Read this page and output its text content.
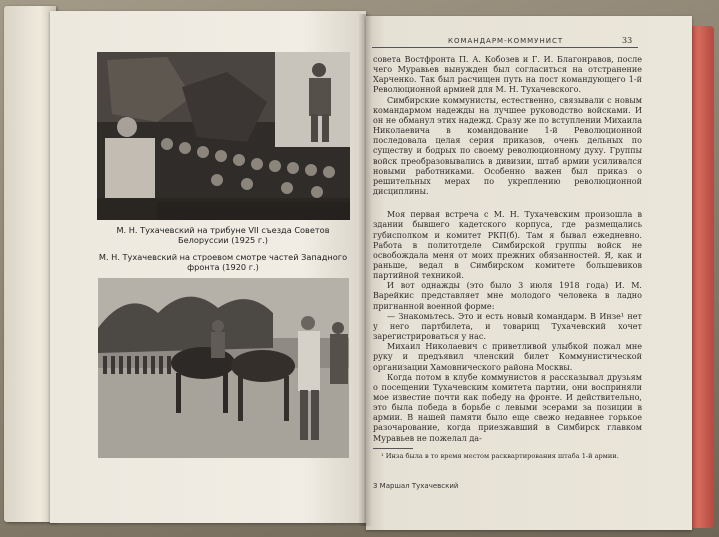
М. Н. Тухачевский на трибуне VII съезда Советов Белоруссии (1925 г.)
М. Н. Тухачевский на строевом смотре частей Западного фронта (1920 г.)
КОМАНДАРМ-КОММУНИСТ	33

совета Востфронта П. А. Кобозев и Г. И. Благонравов, после чего Муравьев вынужден был согласиться на отстранение Харченко. Так был расчищен путь на пост командующего 1-й Революционной армией для М. Н. Тухачевского.

Симбирские коммунисты, естественно, связывали с новым командармом надежды на лучшее руководство войсками. И он не обманул этих надежд. Сразу же по вступлении Михаила Николаевича в командование 1-й Революционной последовала целая серия приказов, очень дельных по существу и бодрых по своему революционному духу. Группы войск преобразовывались в дивизии, штаб армии усиливался новыми работниками. Особенно важен был приказ о решительных мерах по укреплению революционной дисциплины.

Моя первая встреча с М. Н. Тухачевским произошла в здании бывшего кадетского корпуса, где размещались губисполком и комитет РКП(б). Там я бывал ежедневно. Работа в политотделе Симбирской группы войск не освобождала меня от моих прежних обязанностей. Я, как и раньше, ведал в Симбирском комитете большевиков партийной техникой.

И вот однажды (это было 3 июля 1918 года) И. М. Варейкис представляет мне молодого человека в ладно пригнанной военной форме:

— Знакомьтесь. Это и есть новый командарм. В Инзе¹ нет у него партбилета, и товарищ Тухачевский хочет зарегистрироваться у нас.

Михаил Николаевич с приветливой улыбкой пожал мне руку и предъявил членский билет Коммунистической организации Хамовнического района Москвы.

Когда потом в клубе коммунистов я рассказывал друзьям о посещении Тухачевским комитета партии, они восприняли мое известие почти как победу на фронте. И действительно, это была победа в борьбе с левыми эсерами за позиции в армии. В нашей памяти было еще свежо недавнее горькое разочарование, когда приезжавший в Симбирск главком Муравьев не пожелал да-

¹ Инза была в то время местом расквартирования штаба 1-й армии.

3 Маршал Тухачевский
